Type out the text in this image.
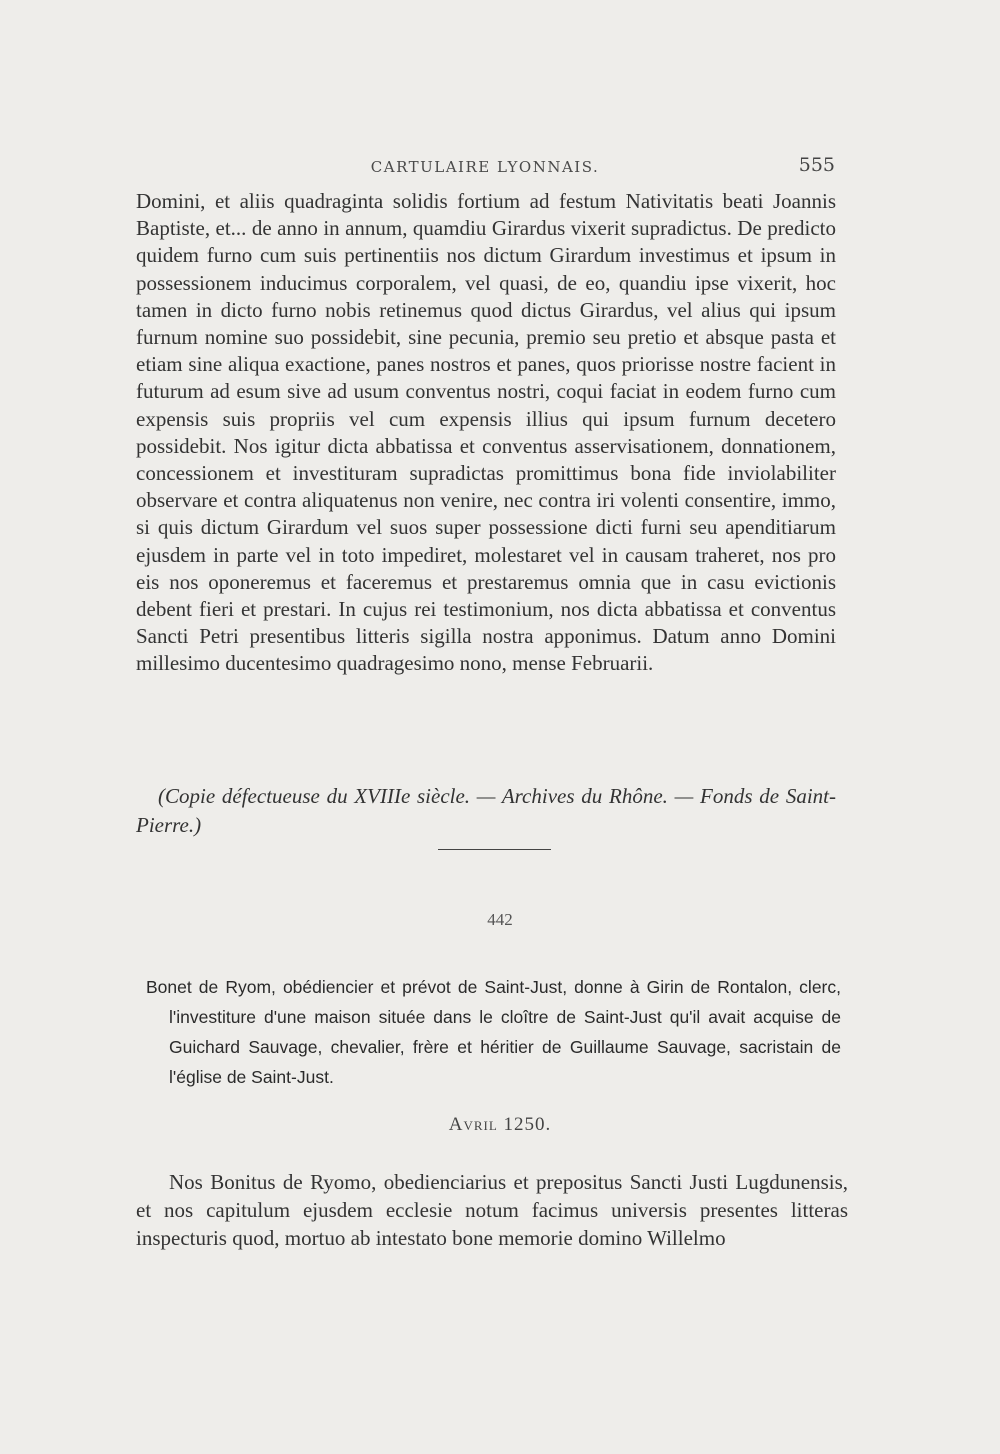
CARTULAIRE LYONNAIS.	555

Domini, et aliis quadraginta solidis fortium ad festum Nativitatis beati Joannis Baptiste, et... de anno in annum, quamdiu Girardus vixerit supradictus. De predicto quidem furno cum suis pertinentiis nos dictum Girardum investimus et ipsum in possessionem inducimus corporalem, vel quasi, de eo, quandiu ipse vixerit, hoc tamen in dicto furno nobis retinemus quod dictus Girardus, vel alius qui ipsum furnum nomine suo possidebit, sine pecunia, premio seu pretio et absque pasta et etiam sine aliqua exactione, panes nostros et panes, quos priorisse nostre facient in futurum ad esum sive ad usum conventus nostri, coqui faciat in eodem furno cum expensis suis propriis vel cum expensis illius qui ipsum furnum decetero possidebit. Nos igitur dicta abbatissa et conventus asservisationem, donnationem, concessionem et investituram supradictas promittimus bona fide inviolabiliter observare et contra aliquatenus non venire, nec contra iri volenti consentire, immo, si quis dictum Girardum vel suos super possessione dicti furni seu apenditiarum ejusdem in parte vel in toto impediret, molestaret vel in causam traheret, nos pro eis nos oponeremus et faceremus et prestaremus omnia que in casu evictionis debent fieri et prestari. In cujus rei testimonium, nos dicta abbatissa et conventus Sancti Petri presentibus litteris sigilla nostra apponimus. Datum anno Domini millesimo ducentesimo quadragesimo nono, mense Februarii.

(Copie défectueuse du XVIIIe siècle. — Archives du Rhône. — Fonds de Saint-Pierre.)

442

Bonet de Ryom, obédiencier et prévot de Saint-Just, donne à Girin de Rontalon, clerc, l'investiture d'une maison située dans le cloître de Saint-Just qu'il avait acquise de Guichard Sauvage, chevalier, frère et héritier de Guillaume Sauvage, sacristain de l'église de Saint-Just.

Avril 1250.

Nos Bonitus de Ryomo, obedienciarius et prepositus Sancti Justi Lugdunensis, et nos capitulum ejusdem ecclesie notum facimus universis presentes litteras inspecturis quod, mortuo ab intestato bone memorie domino Willelmo
